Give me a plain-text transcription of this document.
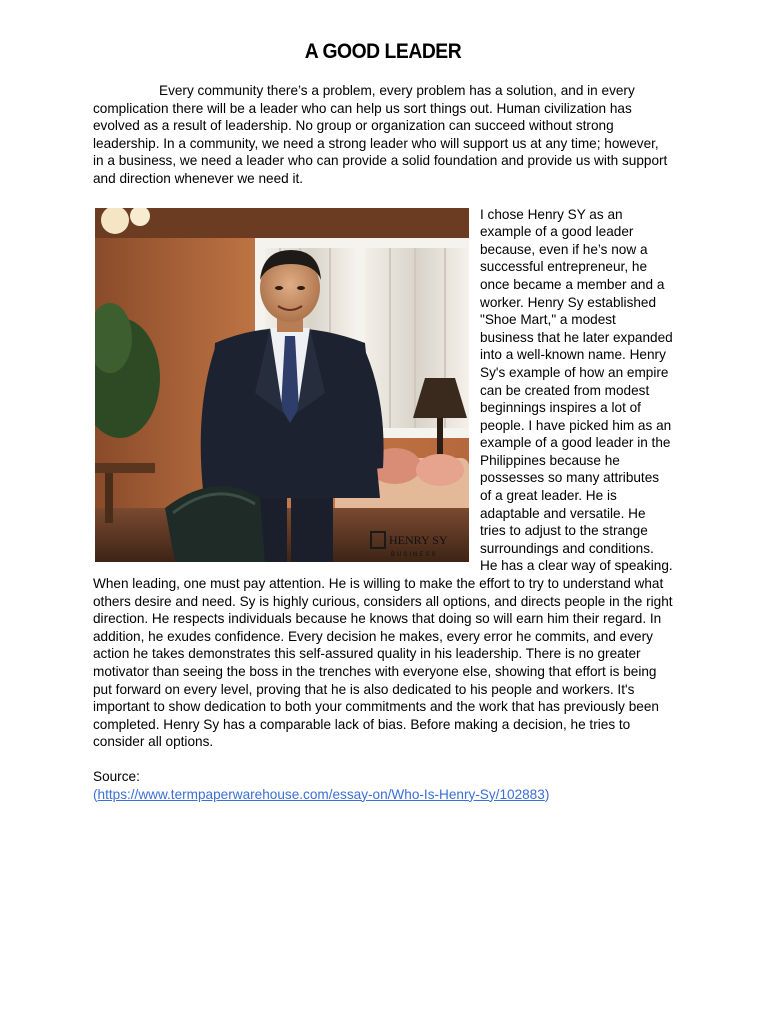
A GOOD LEADER

Every community there’s a problem, every problem has a solution, and in every complication there will be a leader who can help us sort things out. Human civilization has evolved as a result of leadership. No group or organization can succeed without strong leadership. In a community, we need a strong leader who will support us at any time; however, in a business, we need a leader who can provide a solid foundation and provide us with support and direction whenever we need it.

HENRY SY
BUSINESS

I chose Henry SY as an example of a good leader because, even if he’s now a successful entrepreneur, he once became a member and a worker. Henry Sy established "Shoe Mart," a modest business that he later expanded into a well-known name. Henry Sy's example of how an empire can be created from modest beginnings inspires a lot of people. I have picked him as an example of a good leader in the Philippines because he possesses so many attributes of a great leader. He is adaptable and versatile. He tries to adjust to the strange surroundings and conditions. He has a clear way of speaking. When leading, one must pay attention. He is willing to make the effort to try to understand what others desire and need. Sy is highly curious, considers all options, and directs people in the right direction. He respects individuals because he knows that doing so will earn him their regard. In addition, he exudes confidence. Every decision he makes, every error he commits, and every action he takes demonstrates this self-assured quality in his leadership. There is no greater motivator than seeing the boss in the trenches with everyone else, showing that effort is being put forward on every level, proving that he is also dedicated to his people and workers. It's important to show dedication to both your commitments and the work that has previously been completed. Henry Sy has a comparable lack of bias. Before making a decision, he tries to consider all options.

Source:
(https://www.termpaperwarehouse.com/essay-on/Who-Is-Henry-Sy/102883)
